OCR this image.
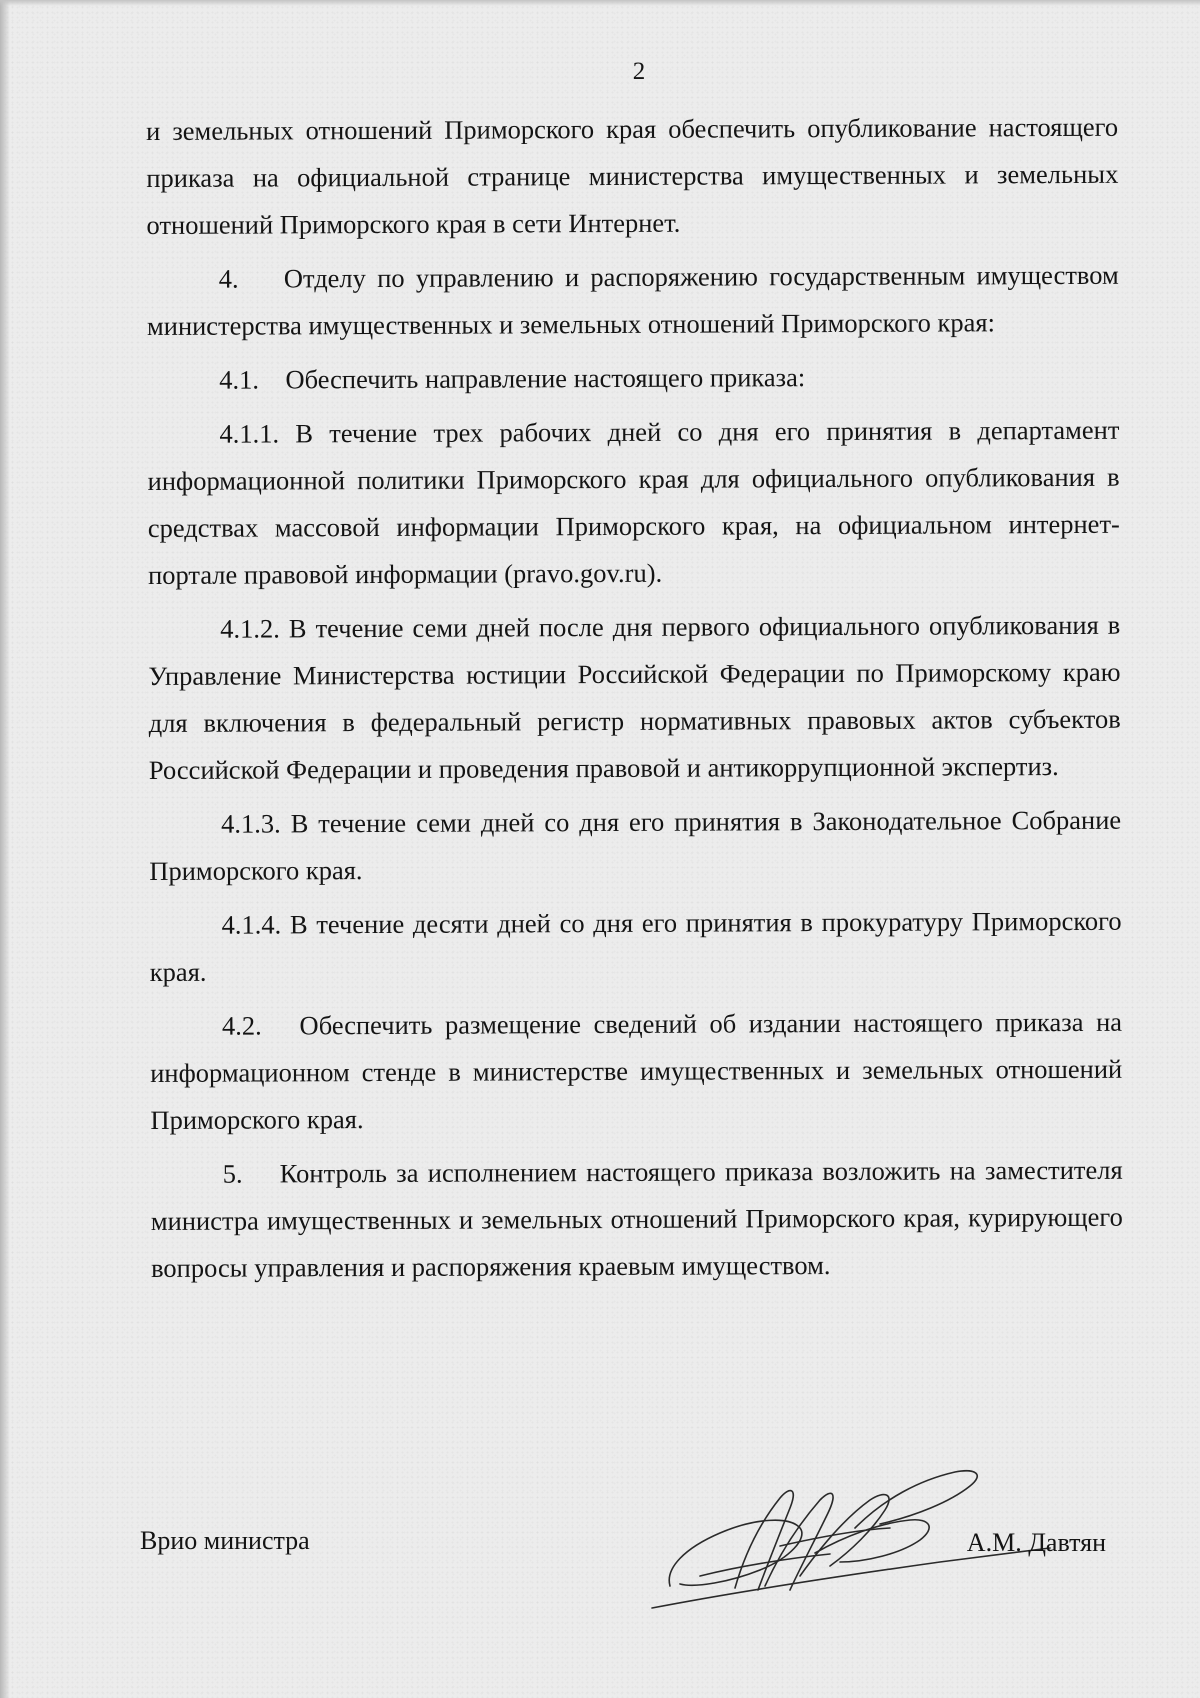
2

и земельных отношений Приморского края обеспечить опубликование настоящего приказа на официальной странице министерства имущественных и земельных отношений Приморского края в сети Интернет.

4.    Отделу по управлению и распоряжению государственным имуществом министерства имущественных и земельных отношений Приморского края:

4.1.    Обеспечить направление настоящего приказа:

4.1.1. В течение трех рабочих дней со дня его принятия в департамент информационной политики Приморского края для официального опубликования в средствах массовой информации Приморского края, на официальном интернет-портале правовой информации (pravo.gov.ru).

4.1.2. В течение семи дней после дня первого официального опубликования в Управление Министерства юстиции Российской Федерации по Приморскому краю для включения в федеральный регистр нормативных правовых актов субъектов Российской Федерации и проведения правовой и антикоррупционной экспертиз.

4.1.3. В течение семи дней со дня его принятия в Законодательное Собрание Приморского края.

4.1.4. В течение десяти дней со дня его принятия в прокуратуру Приморского края.

4.2.   Обеспечить размещение сведений об издании настоящего приказа на информационном стенде в министерстве имущественных и земельных отношений Приморского края.

5.    Контроль за исполнением настоящего приказа возложить на заместителя министра имущественных и земельных отношений Приморского края, курирующего вопросы управления и распоряжения краевым имуществом.

Врио министра	А.М. Давтян
